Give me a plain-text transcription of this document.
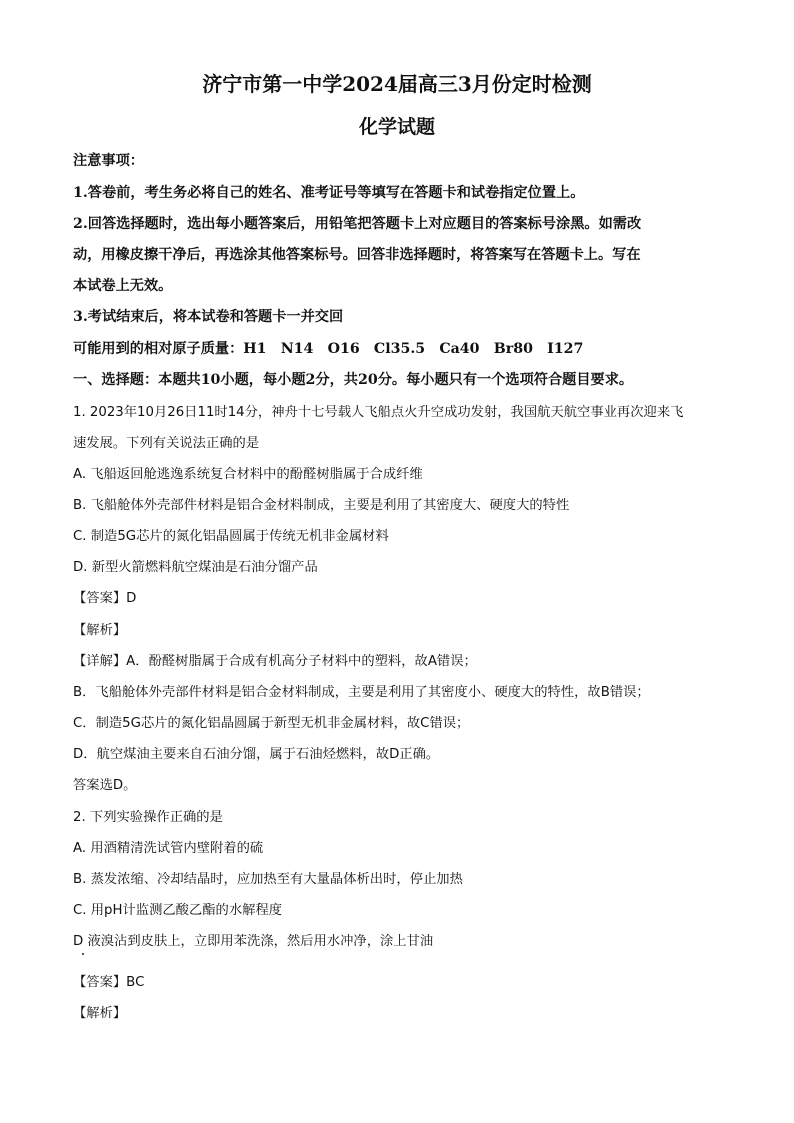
济宁市第一中学2024届高三3月份定时检测
化学试题
注意事项：
1.答卷前，考生务必将自己的姓名、准考证号等填写在答题卡和试卷指定位置上。
2.回答选择题时，选出每小题答案后，用铅笔把答题卡上对应题目的答案标号涂黑。如需改
动，用橡皮擦干净后，再选涂其他答案标号。回答非选择题时，将答案写在答题卡上。写在
本试卷上无效。
3.考试结束后，将本试卷和答题卡一并交回
可能用到的相对原子质量：H1　N14　O16　Cl35.5　Ca40　Br80　I127
一、选择题：本题共10小题，每小题2分，共20分。每小题只有一个选项符合题目要求。
1. 2023年10月26日11时14分，神舟十七号载人飞船点火升空成功发射，我国航天航空事业再次迎来飞
速发展。下列有关说法正确的是
A. 飞船返回舱逃逸系统复合材料中的酚醛树脂属于合成纤维
B. 飞船舱体外壳部件材料是铝合金材料制成，主要是利用了其密度大、硬度大的特性
C. 制造5G芯片的氮化铝晶圆属于传统无机非金属材料
D. 新型火箭燃料航空煤油是石油分馏产品
【答案】D
【解析】
【详解】A．酚醛树脂属于合成有机高分子材料中的塑料，故A错误；
B．飞船舱体外壳部件材料是铝合金材料制成，主要是利用了其密度小、硬度大的特性，故B错误；
C．制造5G芯片的氮化铝晶圆属于新型无机非金属材料，故C错误；
D．航空煤油主要来自石油分馏，属于石油烃燃料，故D正确。
答案选D。
2. 下列实验操作正确的是
A. 用酒精清洗试管内壁附着的硫
B. 蒸发浓缩、冷却结晶时，应加热至有大量晶体析出时，停止加热
C. 用pH计监测乙酸乙酯的水解程度
D 液溴沾到皮肤上，立即用苯洗涤，然后用水冲净，涂上甘油
【答案】BC
【解析】
